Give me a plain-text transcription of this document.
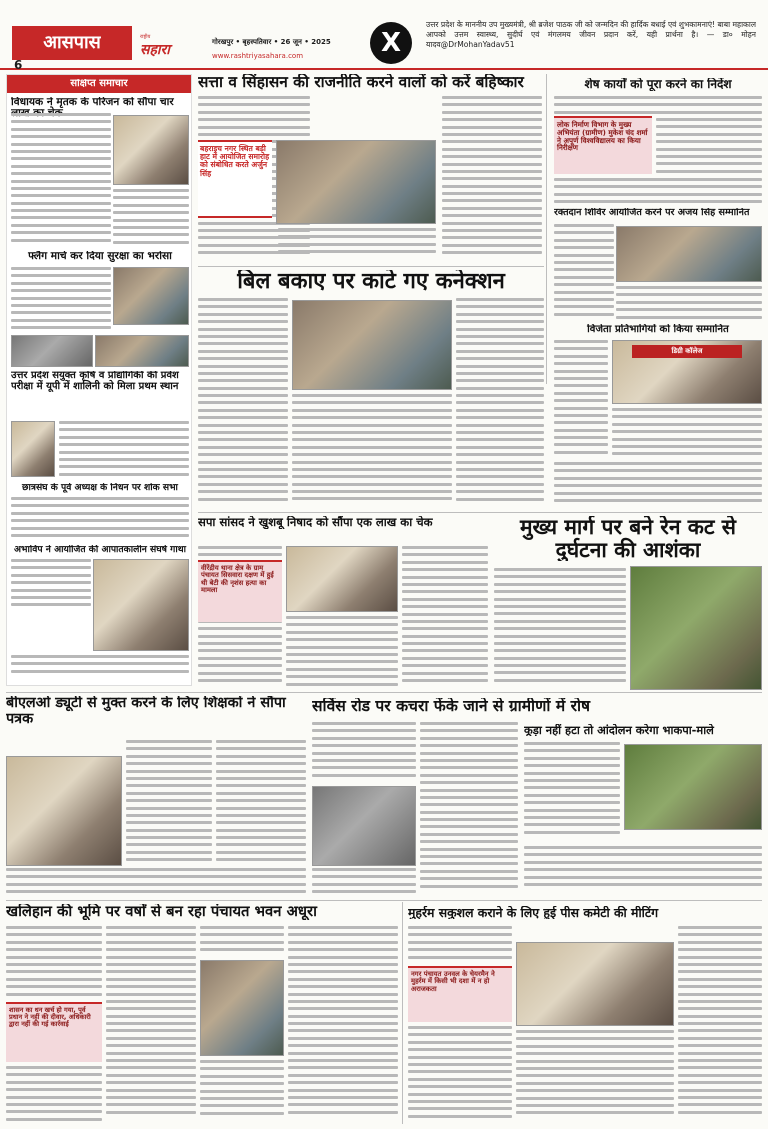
आसपास
6
राष्ट्रीय
सहारा	गोरखपुर • बृहस्पतिवार • 26 जून • 2025
www.rashtriyasahara.com	X
उत्तर प्रदेश के माननीय उप मुख्यमंत्री, श्री ब्रजेश पाठक जी को जन्मदिन की हार्दिक बधाई एवं शुभकामनाएं! बाबा महाकाल आपको उत्तम स्वास्थ्य, सुदीर्घ एवं मंगलमय जीवन प्रदान करें, यही प्रार्थना है। — डा० मोहन यादव@DrMohanYadav51
संक्षिप्त समाचार
विधायक ने मृतक के परिजन को सौंपा चार
फ्लैग मार्च कर दिया सुरक्षा का भरोसा
उत्तर प्रदेश संयुक्त कृषि व प्रोद्योगिकी की प्रवेश परीक्षा में यूपी में शालिनी को मिला प्रथम स्थान
छात्रसंघ के पूर्व अध्यक्ष के निधन पर शोक सभा
अभाविप ने आयोजित की आपातकालीन संघर्ष गाथा
सत्ता व सिंहासन की राजनीति करने वालों को करें बहिष्कार
बहराइच नगर स्थित बड़ी हाट में आयोजित समारोह को संबोधित करते अर्जुन सिंह
शेष कार्यों को पूरा करने का निर्देश
लोक निर्माण विभाग के मुख्य अभियंता (ग्रामीण) मुकेश चंद शर्मा ने अपूर्ण विश्वविद्यालय का किया निरीक्षण
रक्तदान शिविर आयोजित करने पर अजय सिंह सम्मानित
विजेता प्रतिभागियों को किया सम्मानित
डिग्री कॉलेज
बिल बकाए पर काटे गए कनेक्शन
सपा सांसद ने खुशबू निषाद को सौंपा एक लाख का चेक
वीरेंद्रीय थाना क्षेत्र के ग्राम पंचायत सिसवारा दक्षण में हुई थी बेटी की नृशंस हत्या का मामला
मुख्य मार्ग पर बने रेन कट से दुर्घटना की आशंका
बीएलओ ड्यूटी से मुक्त करने के लिए शिक्षकों ने सौंपा पत्रक
सर्विस रोड पर कचरा फेंके जाने से ग्रामीणों में रोष
कूड़ा नहीं हटा तो आंदोलन करेगा भाकपा-माले
खलिहान की भूमि पर वर्षों से बन रहा पंचायत भवन अधूरा
शासन का धन खर्च हो गया, पूर्व प्रधान ने नहीं की दीवार, अधिकारी द्वारा नहीं की गई कार्रवाई
मुहर्रम सकुशल कराने के लिए हुई पीस कमेटी की मीटिंग
नगर पंचायत उनवल के चेयरमैन ने मुहर्रम में किसी भी दशा में न हो अराजकता
